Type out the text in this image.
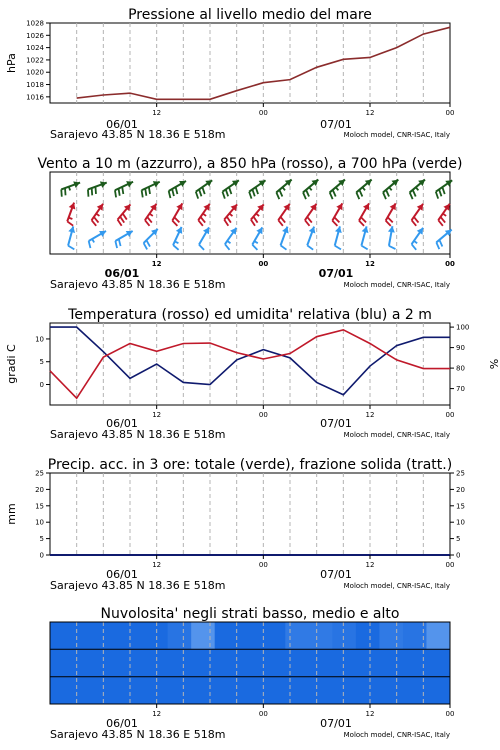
Pressione al livello medio del mare
1016
1018
1020
1022
1024
1026
1028
hPa
12	00	12	00
06/01	07/01
Sarajevo 43.85 N 18.36 E 518m	Moloch model, CNR-ISAC, Italy
Vento a 10 m (azzurro), a 850 hPa (rosso), a 700 hPa (verde)
12	00	12	00
06/01	07/01
Sarajevo 43.85 N 18.36 E 518m	Moloch model, CNR-ISAC, Italy
Temperatura (rosso) ed umidita' relativa (blu) a 2 m
0
5
10
70
80
90
100
gradi C	%
12	00	12	00
06/01	07/01
Sarajevo 43.85 N 18.36 E 518m	Moloch model, CNR-ISAC, Italy
Precip. acc. in 3 ore: totale (verde), frazione solida (tratt.)
0
5
10
15
20
25
0
5
10
15
20
25
mm
12	00	12	00
06/01	07/01
Sarajevo 43.85 N 18.36 E 518m	Moloch model, CNR-ISAC, Italy
Nuvolosita' negli strati basso, medio e alto
12	00	12	00
06/01	07/01
Sarajevo 43.85 N 18.36 E 518m	Moloch model, CNR-ISAC, Italy
